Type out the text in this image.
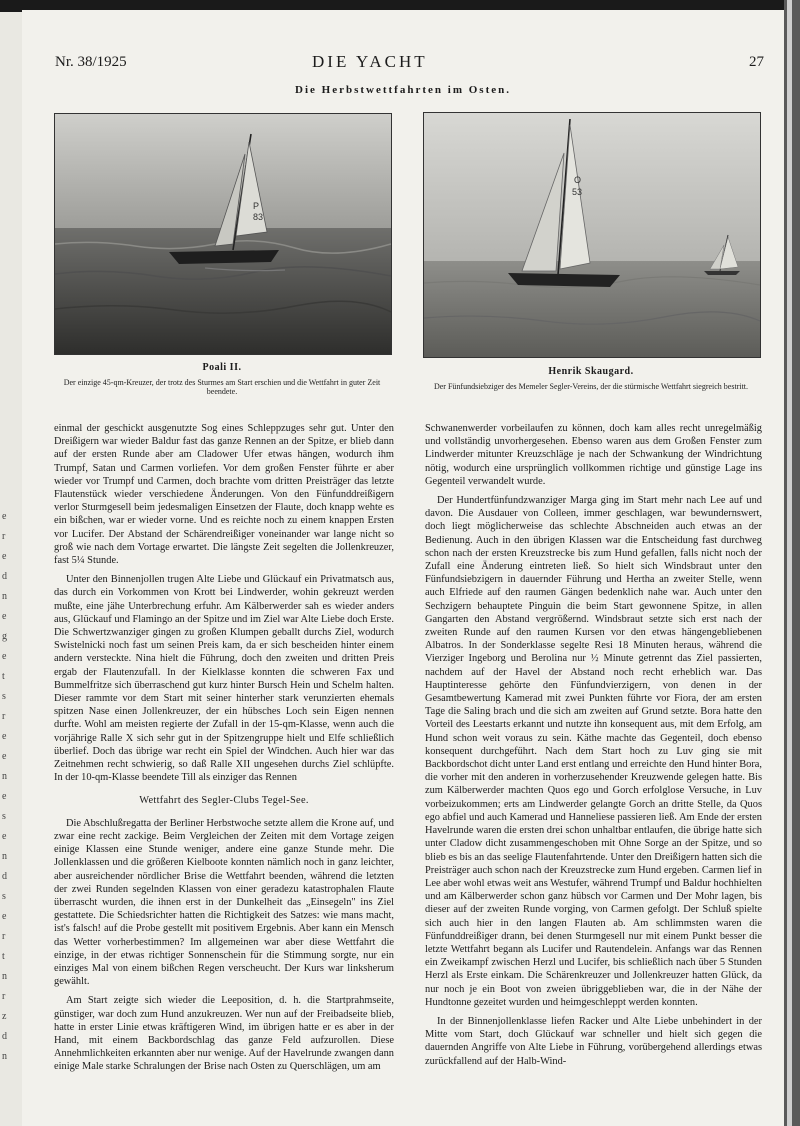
e
r
e
d
n
e
g
e
t
s
r
e
e
n
e
s
e
n
d
s
e
r
t
n
r
z
d
n
Nr. 38/1925	DIE YACHT	27
Die Herbstwettfahrten im Osten.
P
83
O
53
Poali II.
Der einzige 45-qm-Kreuzer, der trotz des Sturmes am Start erschien und die Wettfahrt in guter Zeit beendete.
Henrik Skaugard.
Der Fünfundsiebziger des Memeler Segler-Vereins, der die stürmische Wettfahrt siegreich bestritt.

einmal der geschickt ausgenutzte Sog eines Schleppzuges sehr gut. Unter den Dreißigern war wieder Baldur fast das ganze Rennen an der Spitze, er blieb dann auf der ersten Runde aber am Cladower Ufer etwas hängen, wodurch ihm Trumpf, Satan und Carmen vorliefen. Vor dem großen Fenster führte er aber wieder vor Trumpf und Carmen, doch brachte vom dritten Preisträger das letzte Flautenstück wieder verschiedene Änderungen. Von den Fünfunddreißigern verlor Sturmgesell beim jedesmaligen Einsetzen der Flaute, doch knapp wehte es ein bißchen, war er wieder vorne. Und es reichte noch zu einem knappen Ersten vor Lucifer. Der Abstand der Schärendreißiger voneinander war lange nicht so groß wie nach dem Vortage erwartet. Die längste Zeit segelten die Jollenkreuzer, fast 5¼ Stunde.

Unter den Binnenjollen trugen Alte Liebe und Glückauf ein Privatmatsch aus, das durch ein Vorkommen von Krott bei Lindwerder, wohin gekreuzt werden mußte, eine jähe Unterbrechung erfuhr. Am Kälberwerder sah es wieder anders aus, Glückauf und Flamingo an der Spitze und im Ziel war Alte Liebe doch Erste. Die Schwertzwanziger gingen zu großen Klumpen geballt durchs Ziel, wodurch Swistelnicki noch fast um seinen Preis kam, da er sich bescheiden hinter einem andern versteckte. Nina hielt die Führung, doch den zweiten und dritten Preis ergab der Flautenzufall. In der Kielklasse konnten die schweren Fax und Bummelfritze sich überraschend gut kurz hinter Bursch Hein und Schelm halten. Dieser rammte vor dem Start mit seiner hinterher stark verunzierten ehemals spitzen Nase einen Jollenkreuzer, der ein hübsches Loch sein Eigen nennen durfte. Wohl am meisten regierte der Zufall in der 15-qm-Klasse, wenn auch die vorjährige Ralle X sich sehr gut in der Spitzengruppe hielt und Elfe schließlich überlief. Doch das übrige war recht ein Spiel der Windchen. Auch hier war das Zeitnehmen recht schwierig, so daß Ralle XII ungesehen durchs Ziel schlüpfte. In der 10-qm-Klasse beendete Till als einziger das Rennen

Wettfahrt des Segler-Clubs Tegel-See.

Die Abschlußregatta der Berliner Herbstwoche setzte allem die Krone auf, und zwar eine recht zackige. Beim Vergleichen der Zeiten mit dem Vortage zeigen einige Klassen eine Stunde weniger, andere eine ganze Stunde mehr. Die Jollenklassen und die größeren Kielboote konnten nämlich noch in ganz leichter, aber ausreichender nördlicher Brise die Wettfahrt beenden, während die letzten der zwei Runden segelnden Klassen von einer geradezu katastrophalen Flaute überrascht wurden, die ihnen erst in der Dunkelheit das „Einsegeln" ins Ziel gestattete. Die Schiedsrichter hatten die Richtigkeit des Satzes: wie mans macht, ist's falsch! auf die Probe gestellt mit positivem Ergebnis. Aber kann ein Mensch das Wetter vorherbestimmen? Im allgemeinen war aber diese Wettfahrt die einzige, in der etwas richtiger Sonnenschein für die Stimmung sorgte, nur ein einziges Mal von einem bißchen Regen verscheucht. Der Kurs war linksherum gewählt.

Am Start zeigte sich wieder die Leeposition, d. h. die Startprahmseite, günstiger, war doch zum Hund anzukreuzen. Wer nun auf der Freibadseite blieb, hatte in erster Linie etwas kräftigeren Wind, im übrigen hatte er es aber in der Hand, mit einem Backbordschlag das ganze Feld aufzurollen. Diese Annehmlichkeiten erkannten aber nur wenige. Auf der Havelrunde zwangen dann einige Male starke Schralungen der Brise nach Osten zu Querschlägen, um am

Schwanenwerder vorbeilaufen zu können, doch kam alles recht unregelmäßig und vollständig unvorhergesehen. Ebenso waren aus dem Großen Fenster zum Lindwerder mitunter Kreuzschläge je nach der Schwankung der Windrichtung nötig, wodurch eine ursprünglich vollkommen richtige und günstige Lage ins Gegenteil verwandelt wurde.

Der Hundertfünfundzwanziger Marga ging im Start mehr nach Lee auf und davon. Die Ausdauer von Colleen, immer geschlagen, war bewundernswert, doch liegt möglicherweise das schlechte Abschneiden auch etwas an der Bedienung. Auch in den übrigen Klassen war die Entscheidung fast durchweg schon nach der ersten Kreuzstrecke bis zum Hund gefallen, falls nicht noch der Zufall eine Änderung eintreten ließ. So hielt sich Windsbraut unter den Fünfundsiebzigern in dauernder Führung und Hertha an zweiter Stelle, wenn auch Elfriede auf den raumen Gängen bedenklich nahe war. Auch unter den Sechzigern behauptete Pinguin die beim Start gewonnene Spitze, in allen Gangarten den Abstand vergrößernd. Windsbraut setzte sich erst nach der zweiten Runde auf den raumen Kursen vor den etwas hängengebliebenen Albatros. In der Sonderklasse segelte Resi 18 Minuten heraus, während die Vierziger Ingeborg und Berolina nur ½ Minute getrennt das Ziel passierten, nachdem auf der Havel der Abstand noch recht erheblich war. Das Hauptinteresse gehörte den Fünfundvierzigern, von denen in der Gesamtbewertung Kamerad mit zwei Punkten führte vor Fiora, der am ersten Tage die Saling brach und die sich am zweiten auf Grund setzte. Bora hatte den Vorteil des Leestarts erkannt und nutzte ihn konsequent aus, mit dem Erfolg, am Hund schon weit voraus zu sein. Käthe machte das Gegenteil, doch ebenso konsequent durchgeführt. Nach dem Start hoch zu Luv ging sie mit Backbordschot dicht unter Land erst entlang und erreichte den Hund hinter Bora, die vorher mit den anderen in vorherzusehender Kreuzwende gelegen hatte. Bis zum Kälberwerder machten Quos ego und Gorch erfolglose Versuche, in Luv vorbeizukommen; erts am Lindwerder gelangte Gorch an dritte Stelle, da Quos ego abfiel und auch Kamerad und Hanneliese passieren ließ. Am Ende der ersten Havelrunde waren die ersten drei schon unhaltbar entlaufen, die übrige hatte sich unter Cladow dicht zusammengeschoben mit Ohne Sorge an der Spitze, und so blieb es bis an das seelige Flautenfahrtende. Unter den Dreißigern hatten sich die Preisträger auch schon nach der Kreuzstrecke zum Hund ergeben. Carmen lief in Lee aber wohl etwas weit ans Westufer, während Trumpf und Baldur hochhielten und am Kälberwerder schon ganz hübsch vor Carmen und Der Mohr lagen, bis dieser auf der zweiten Runde vorging, von Carmen gefolgt. Der Schluß spielte sich auch hier in den langen Flauten ab. Am schlimmsten waren die Fünfunddreißiger drann, bei denen Sturmgesell nur mit einem Punkt besser die letzte Wettfahrt begann als Lucifer und Rautendelein. Anfangs war das Rennen ein Zweikampf zwischen Herzl und Lucifer, bis schließlich nach über 5 Stunden Herzl als Erste einkam. Die Schärenkreuzer und Jollenkreuzer hatten Glück, da nur noch je ein Boot von zweien übriggeblieben war, die in der Nähe der Hundtonne gezeitet wurden und heimgeschleppt werden konnten.

In der Binnenjollenklasse liefen Racker und Alte Liebe unbehindert in der Mitte vom Start, doch Glückauf war schneller und hielt sich gegen die dauernden Angriffe von Alte Liebe in Führung, vorübergehend allerdings etwas zurückfallend auf der Halb-Wind-
